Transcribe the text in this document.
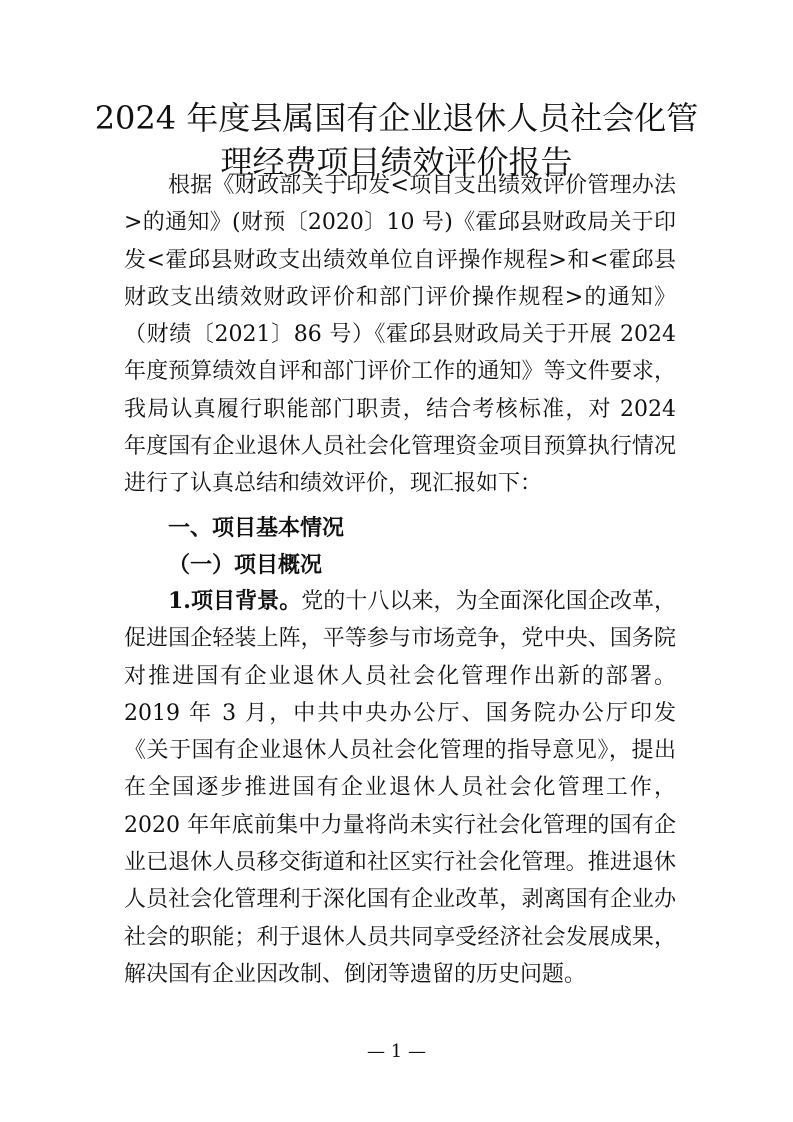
2024 年度县属国有企业退休人员社会化管
理经费项目绩效评价报告

根据《财政部关于印发<项目支出绩效评价管理办法>的通知》(财预〔2020〕10 号)《霍邱县财政局关于印发<霍邱县财政支出绩效单位自评操作规程>和<霍邱县财政支出绩效财政评价和部门评价操作规程>的通知》（财绩〔2021〕86 号）《霍邱县财政局关于开展 2024 年度预算绩效自评和部门评价工作的通知》等文件要求，我局认真履行职能部门职责，结合考核标准，对 2024 年度国有企业退休人员社会化管理资金项目预算执行情况进行了认真总结和绩效评价，现汇报如下：

一、项目基本情况
（一）项目概况

1.项目背景。党的十八以来，为全面深化国企改革，促进国企轻装上阵，平等参与市场竞争，党中央、国务院对推进国有企业退休人员社会化管理作出新的部署。2019 年 3 月，中共中央办公厅、国务院办公厅印发《关于国有企业退休人员社会化管理的指导意见》，提出在全国逐步推进国有企业退休人员社会化管理工作，2020 年年底前集中力量将尚未实行社会化管理的国有企业已退休人员移交街道和社区实行社会化管理。推进退休人员社会化管理利于深化国有企业改革，剥离国有企业办社会的职能；利于退休人员共同享受经济社会发展成果，解决国有企业因改制、倒闭等遗留的历史问题。

— 1 —
